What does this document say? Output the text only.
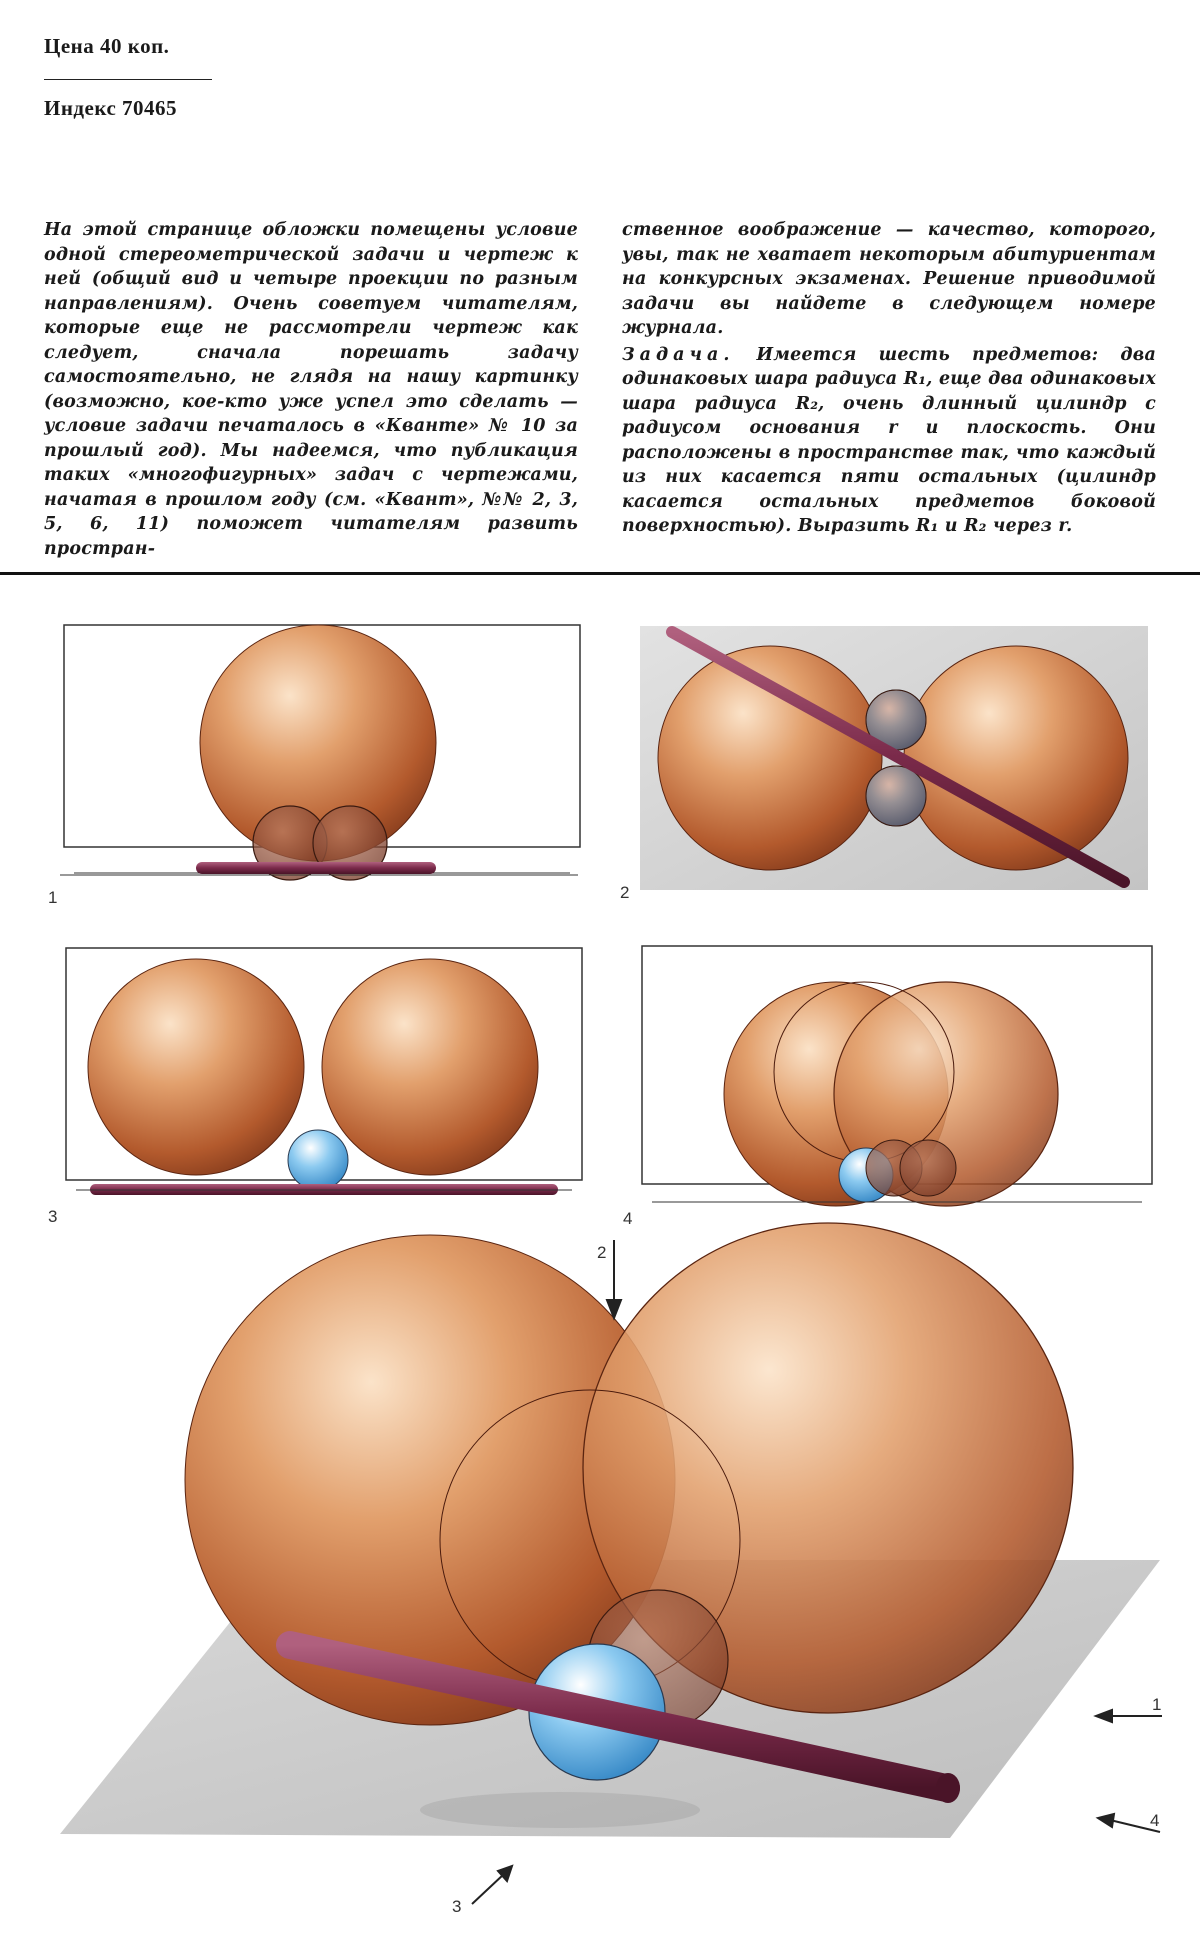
Цена 40 коп.
Индекс 70465

На этой странице обложки помещены условие одной стереометрической задачи и чертеж к ней (общий вид и четыре проекции по разным направлениям). Очень советуем читателям, которые еще не рассмотрели чертеж как следует, сначала порешать задачу самостоятельно, не глядя на нашу картинку (возможно, кое-кто уже успел это сделать — условие задачи печаталось в «Кванте» № 10 за прошлый год). Мы надеемся, что публикация таких «многофигурных» задач с чертежами, начатая в прошлом году (см. «Квант», №№ 2, 3, 5, 6, 11) поможет читателям развить простран-

ственное воображение — качество, которого, увы, так не хватает некоторым абитуриентам на конкурсных экзаменах. Решение приводимой задачи вы найдете в следующем номере журнала.

Задача. Имеется шесть предметов: два одинаковых шара радиуса R₁, еще два одинаковых шара радиуса R₂, очень длинный цилиндр с радиусом основания r и плоскость. Они расположены в пространстве так, что каждый из них касается пяти остальных (цилиндр касается остальных предметов боковой поверхностью). Выразить R₁ и R₂ через r.

1	2
3	4
2
1
4
3
